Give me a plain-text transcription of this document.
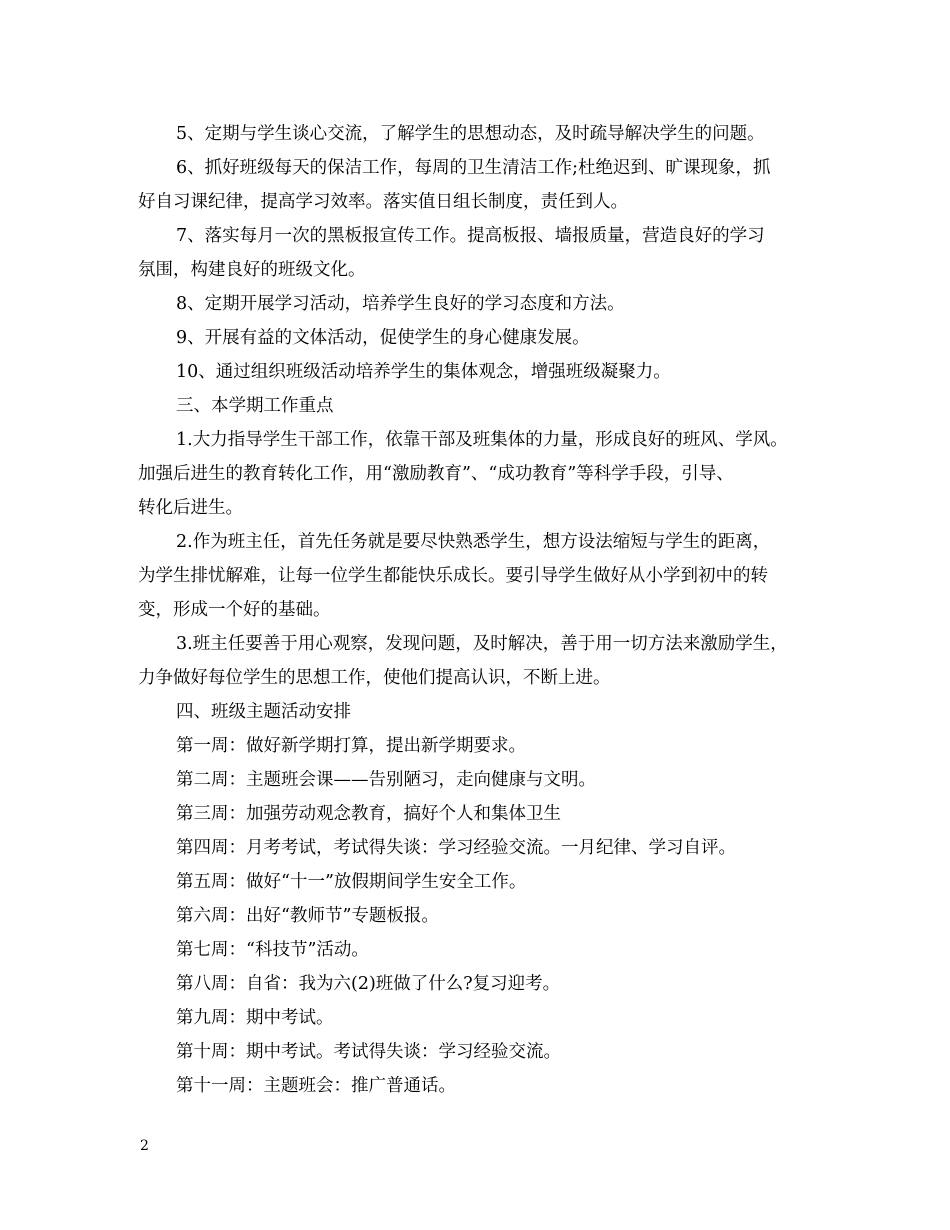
5、定期与学生谈心交流，了解学生的思想动态，及时疏导解决学生的问题。
6、抓好班级每天的保洁工作，每周的卫生清洁工作;杜绝迟到、旷课现象，抓
好自习课纪律，提高学习效率。落实值日组长制度，责任到人。
7、落实每月一次的黑板报宣传工作。提高板报、墙报质量，营造良好的学习
氛围，构建良好的班级文化。
8、定期开展学习活动，培养学生良好的学习态度和方法。
9、开展有益的文体活动，促使学生的身心健康发展。
10、通过组织班级活动培养学生的集体观念，增强班级凝聚力。
三、本学期工作重点
1.大力指导学生干部工作，依靠干部及班集体的力量，形成良好的班风、学风。
加强后进生的教育转化工作，用“激励教育”、“成功教育”等科学手段，引导、
转化后进生。
2.作为班主任，首先任务就是要尽快熟悉学生，想方设法缩短与学生的距离，
为学生排忧解难，让每一位学生都能快乐成长。要引导学生做好从小学到初中的转
变，形成一个好的基础。
3.班主任要善于用心观察，发现问题，及时解决，善于用一切方法来激励学生，
力争做好每位学生的思想工作，使他们提高认识，不断上进。
四、班级主题活动安排
第一周：做好新学期打算，提出新学期要求。
第二周：主题班会课——告别陋习，走向健康与文明。
第三周：加强劳动观念教育，搞好个人和集体卫生
第四周：月考考试，考试得失谈：学习经验交流。一月纪律、学习自评。
第五周：做好“十一”放假期间学生安全工作。
第六周：出好“教师节”专题板报。
第七周：“科技节”活动。
第八周：自省：我为六(2)班做了什么?复习迎考。
第九周：期中考试。
第十周：期中考试。考试得失谈：学习经验交流。
第十一周：主题班会：推广普通话。
2
